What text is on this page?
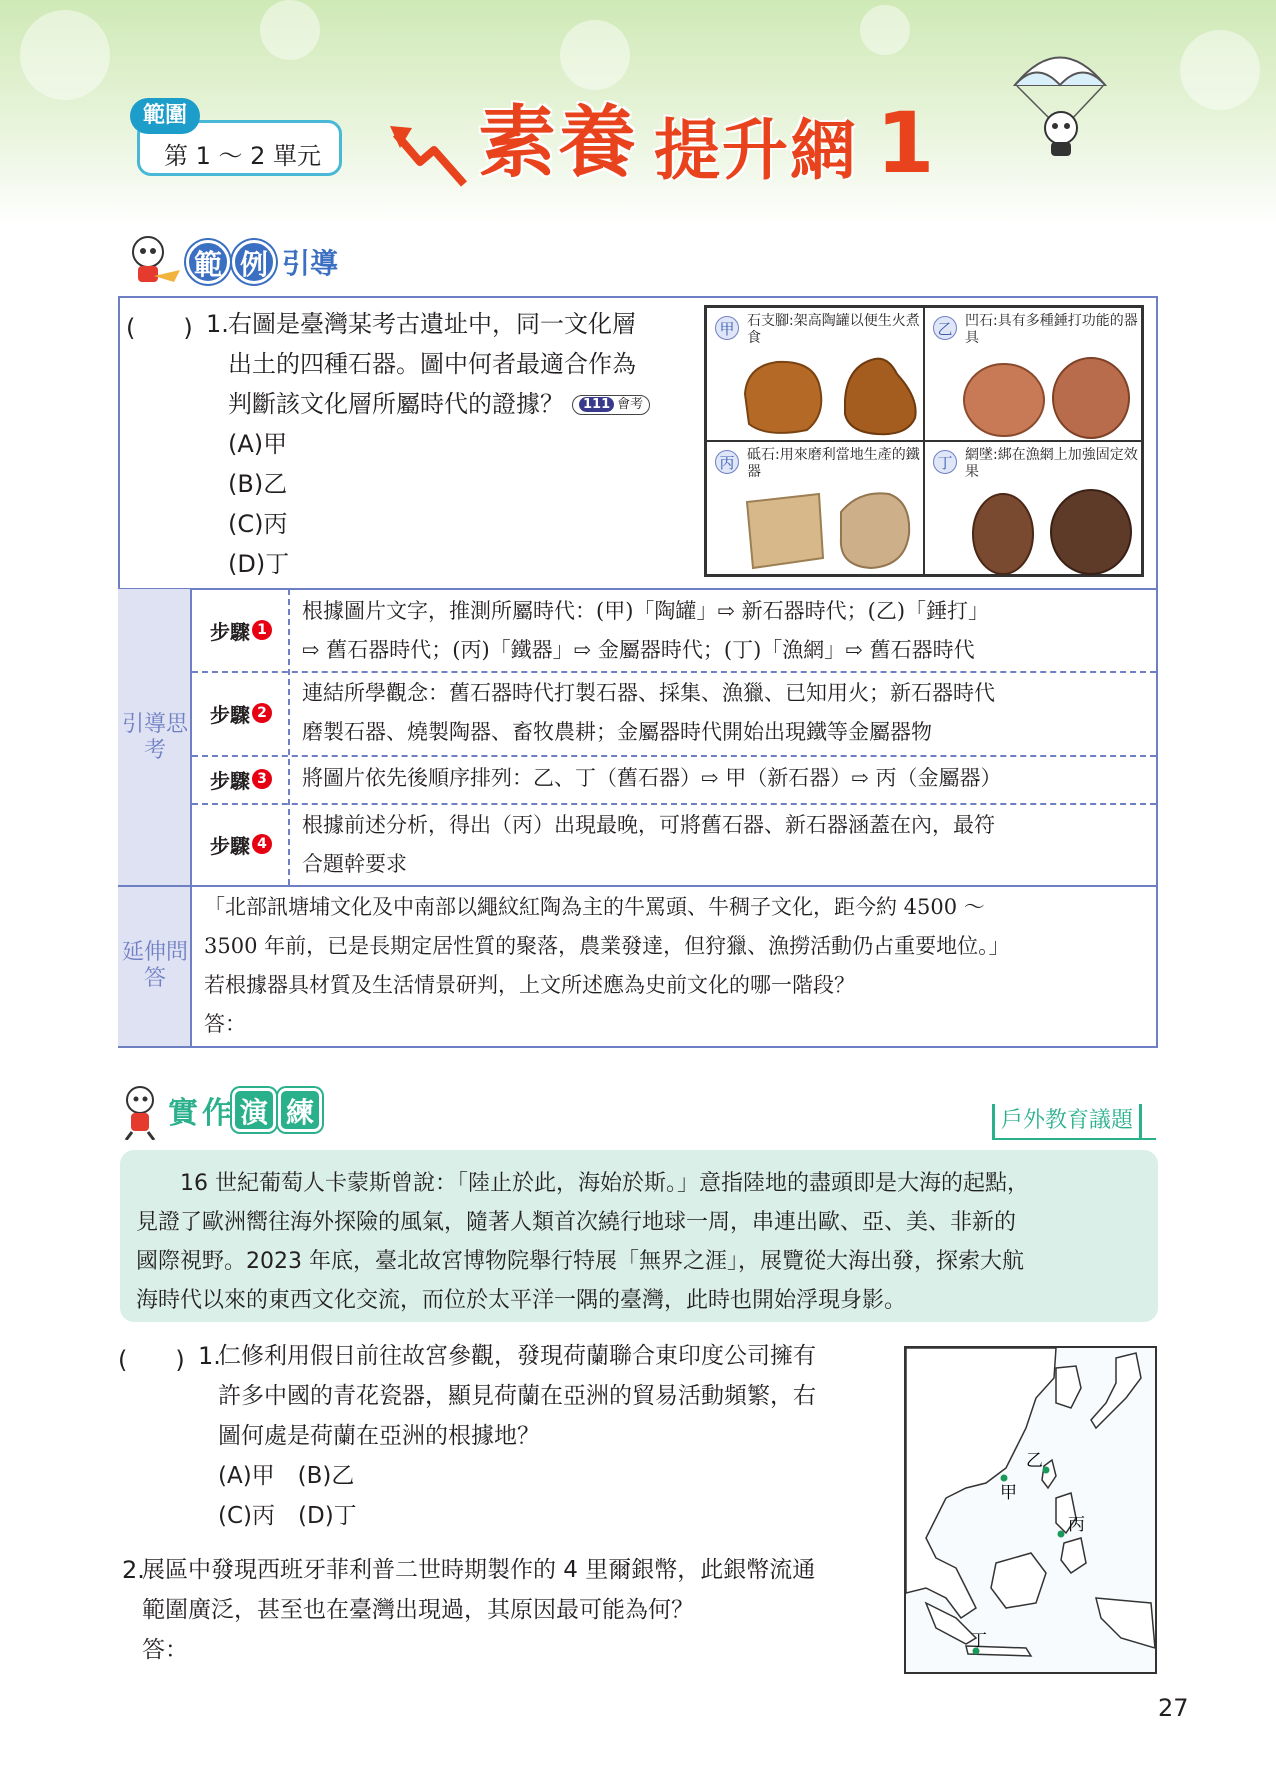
範圍
第 1 ～ 2 單元 素養 提升網 1
範 例 引導
(　　) 1. 右圖是臺灣某考古遺址中，同一文化層
出土的四種石器。圖中何者最適合作為
判斷該文化層所屬時代的證據？ 111 會考
(A)甲
(B)乙
(C)丙
(D)丁
甲 石支腳:架高陶罐以便生火煮食	乙 凹石:具有多種錘打功能的器具
丙 砥石:用來磨利當地生產的鐵器	丁 網墜:綁在漁網上加強固定效果
引導思考
步驟 1
根據圖片文字，推測所屬時代：(甲)「陶罐」⇨ 新石器時代；(乙)「錘打」
⇨ 舊石器時代；(丙)「鐵器」⇨ 金屬器時代；(丁)「漁網」⇨ 舊石器時代
步驟 2
連結所學觀念：舊石器時代打製石器、採集、漁獵、已知用火；新石器時代
磨製石器、燒製陶器、畜牧農耕；金屬器時代開始出現鐵等金屬器物
步驟 3 將圖片依先後順序排列：乙、丁（舊石器）⇨ 甲（新石器）⇨ 丙（金屬器）
步驟 4
根據前述分析，得出（丙）出現最晚，可將舊石器、新石器涵蓋在內，最符
合題幹要求
延伸問答
「北部訊塘埔文化及中南部以繩紋紅陶為主的牛罵頭、牛稠子文化，距今約 4500 ～
3500 年前，已是長期定居性質的聚落，農業發達，但狩獵、漁撈活動仍占重要地位。」
若根據器具材質及生活情景研判，上文所述應為史前文化的哪一階段？
答：
實 作 演 練	戶外教育議題
　　16 世紀葡萄人卡蒙斯曾說：「陸止於此，海始於斯。」意指陸地的盡頭即是大海的起點，
見證了歐洲嚮往海外探險的風氣，隨著人類首次繞行地球一周，串連出歐、亞、美、非新的
國際視野。2023 年底，臺北故宮博物院舉行特展「無界之涯」，展覽從大海出發，探索大航
海時代以來的東西文化交流，而位於太平洋一隅的臺灣，此時也開始浮現身影。
(　　) 1.
仁修利用假日前往故宮參觀，發現荷蘭聯合東印度公司擁有
許多中國的青花瓷器，顯見荷蘭在亞洲的貿易活動頻繁，右
圖何處是荷蘭在亞洲的根據地？
(A)甲　(B)乙
(C)丙　(D)丁
2.
展區中發現西班牙菲利普二世時期製作的 4 里爾銀幣，此銀幣流通
範圍廣泛，甚至也在臺灣出現過，其原因最可能為何？
答：
甲
乙
丙
丁
27
